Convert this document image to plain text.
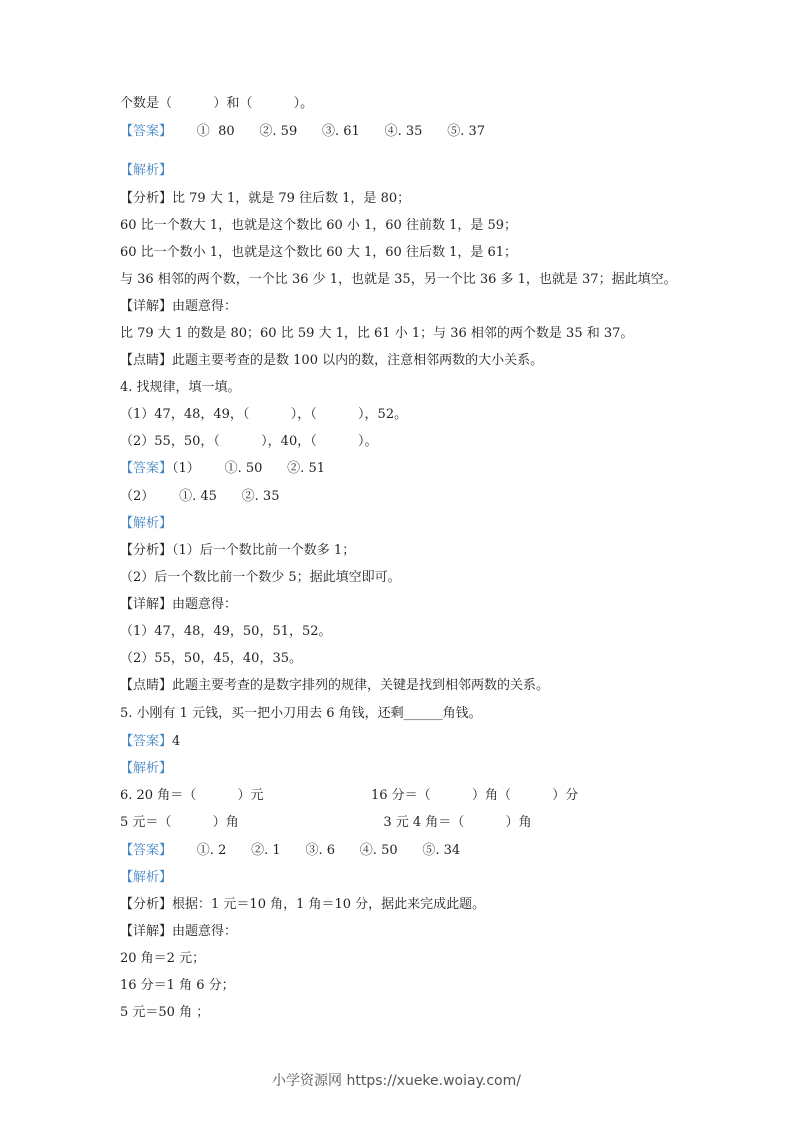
个数是（          ）和（          ）。
【答案】      ①  80      ②. 59      ③. 61      ④. 35      ⑤. 37
【解析】
【分析】比 79 大 1，就是 79 往后数 1，是 80；
60 比一个数大 1，也就是这个数比 60 小 1，60 往前数 1，是 59；
60 比一个数小 1，也就是这个数比 60 大 1，60 往后数 1，是 61；
与 36 相邻的两个数，一个比 36 少 1，也就是 35，另一个比 36 多 1，也就是 37；据此填空。
【详解】由题意得：
比 79 大 1 的数是 80；60 比 59 大 1，比 61 小 1；与 36 相邻的两个数是 35 和 37。
【点睛】此题主要考查的是数 100 以内的数，注意相邻两数的大小关系。
4. 找规律，填一填。
（1）47，48，49，（          ），（          ），52。
（2）55，50，（          ），40，（          ）。
【答案】（1）      ①. 50      ②. 51
（2）      ①. 45      ②. 35
【解析】
【分析】（1）后一个数比前一个数多 1；
（2）后一个数比前一个数少 5；据此填空即可。
【详解】由题意得：
（1）47，48，49，50，51，52。
（2）55，50，45，40，35。
【点睛】此题主要考查的是数字排列的规律，关键是找到相邻两数的关系。
5. 小刚有 1 元钱，买一把小刀用去 6 角钱，还剩______角钱。
【答案】4
【解析】
6. 20 角＝（          ）元                          16 分＝（          ）角（          ）分
5 元＝（          ）角                                   3 元 4 角＝（          ）角
【答案】      ①. 2      ②. 1      ③. 6      ④. 50      ⑤. 34
【解析】
【分析】根据：1 元＝10 角，1 角＝10 分，据此来完成此题。
【详解】由题意得：
20 角＝2 元；
16 分＝1 角 6 分；
5 元＝50 角 ；
小学资源网 https://xueke.woiay.com/
